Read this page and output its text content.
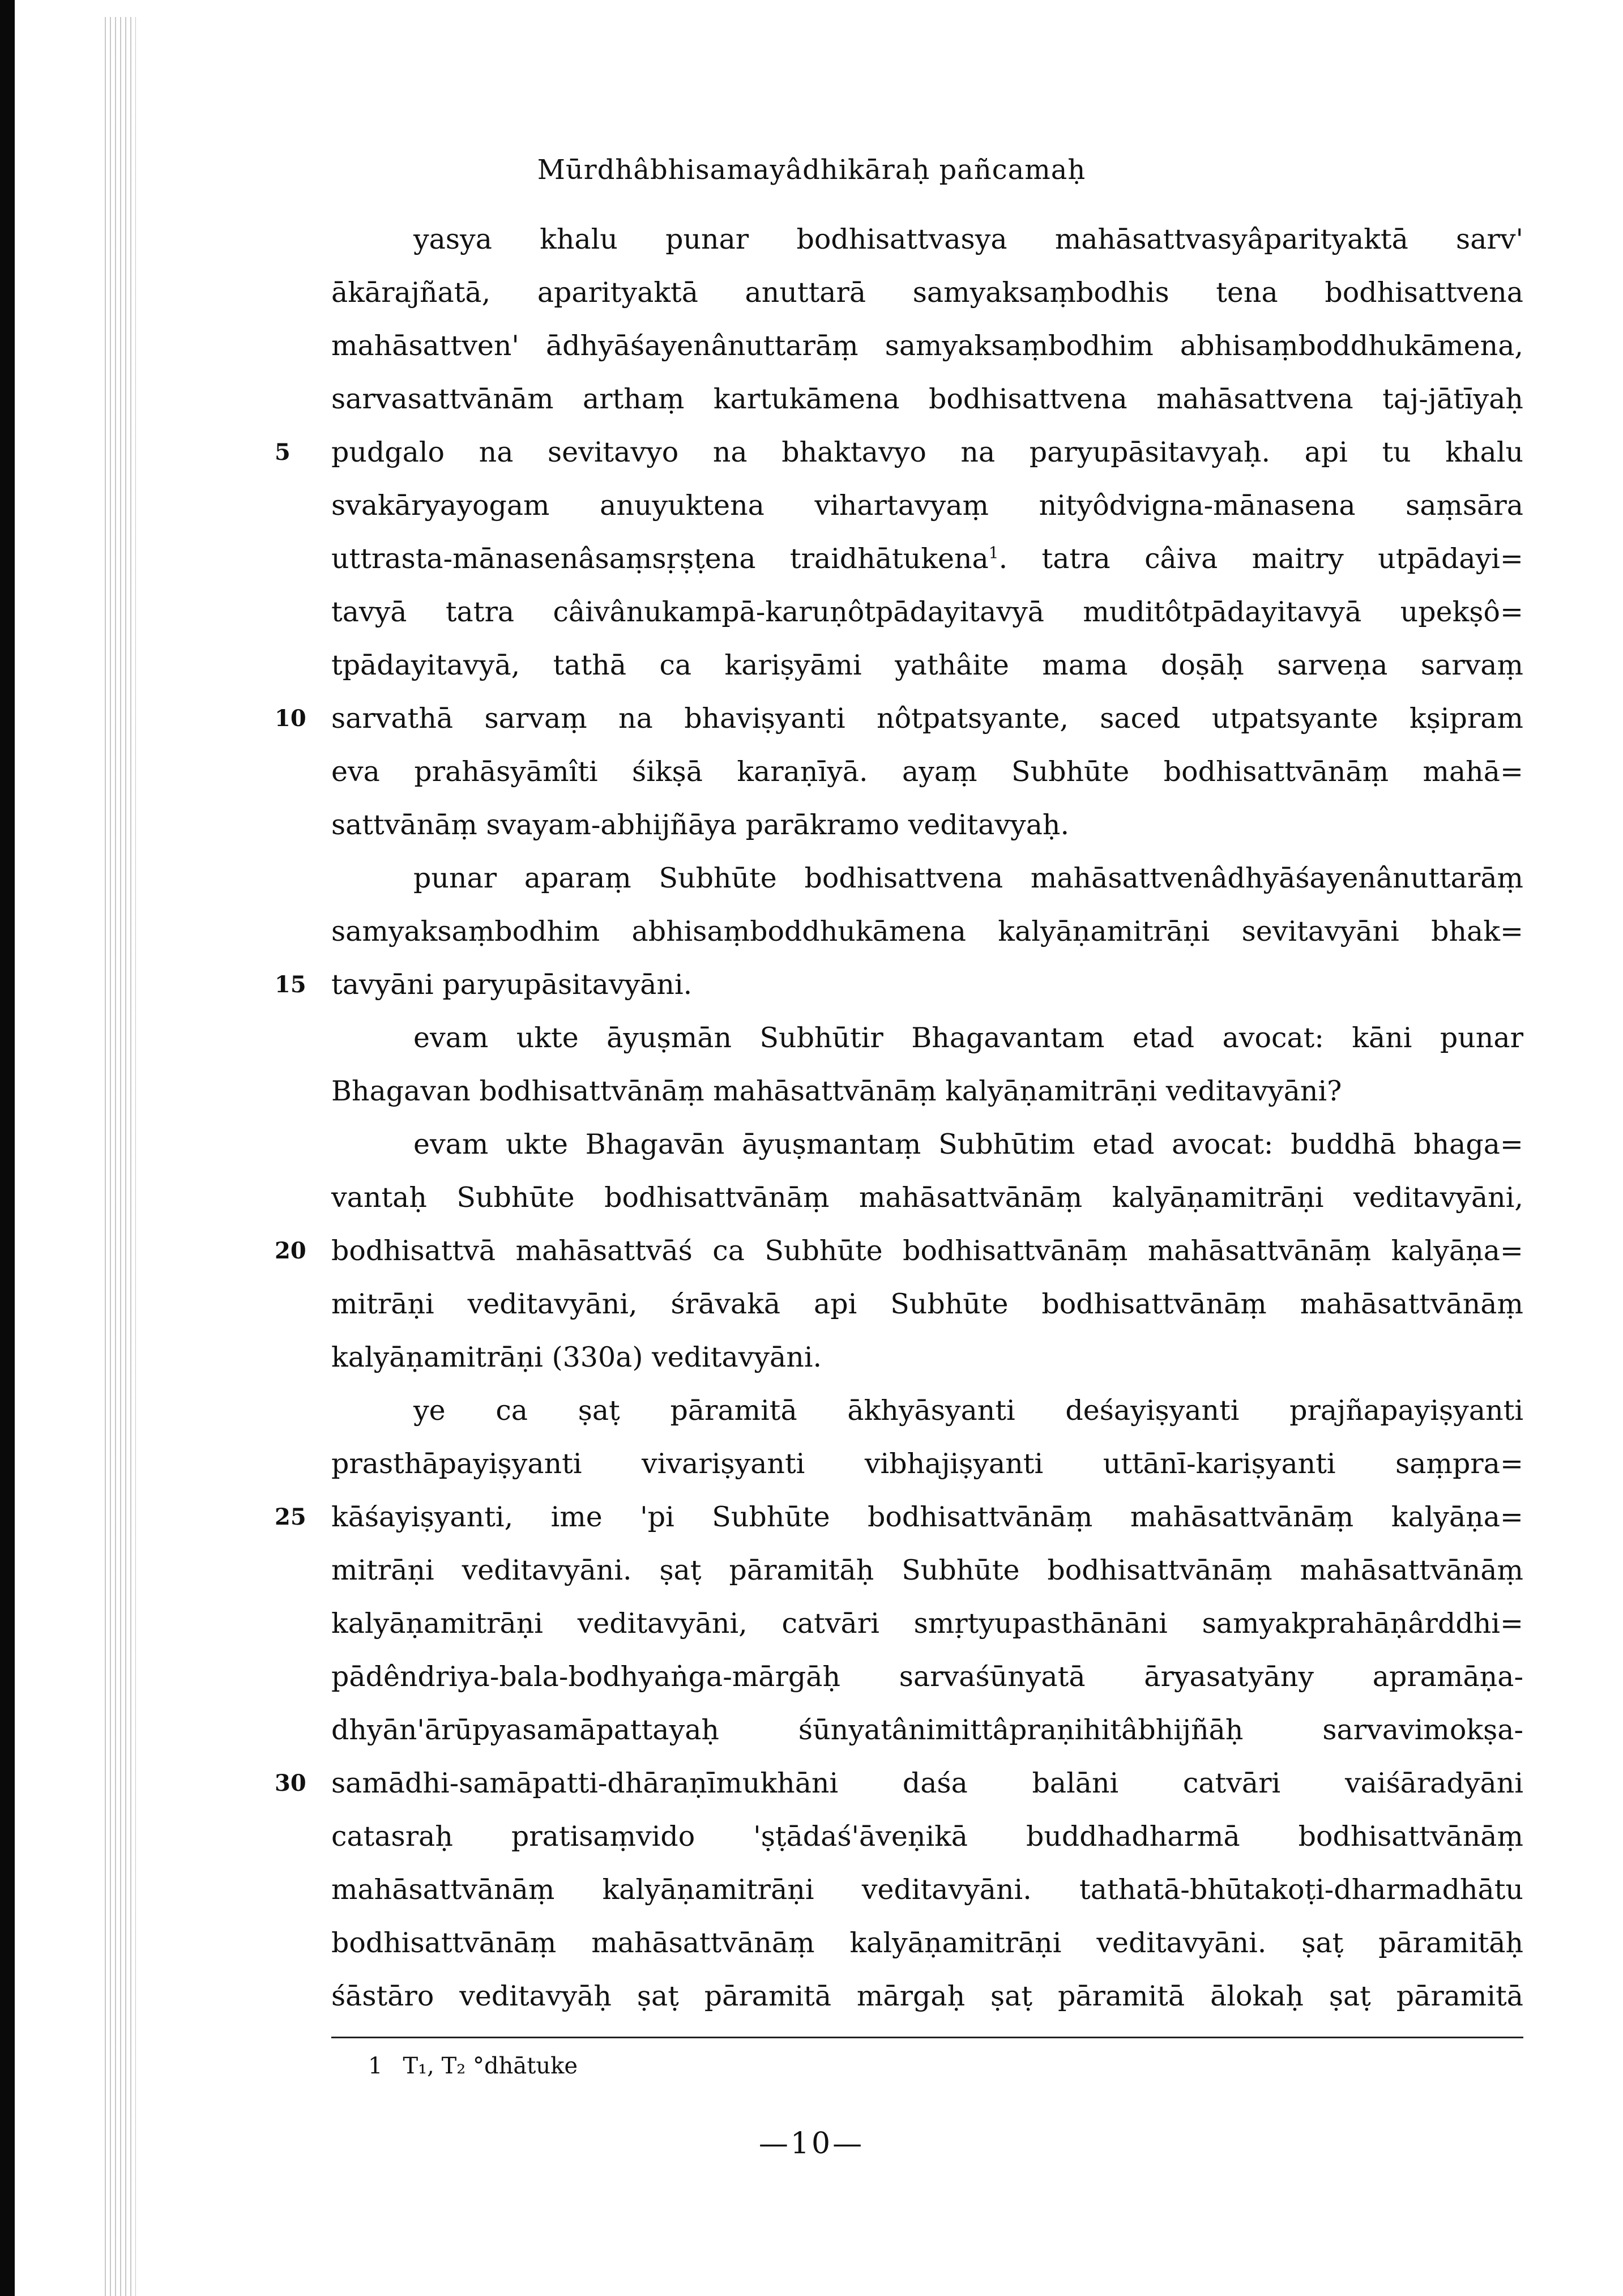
Mūrdhâbhisamayâdhikāraḥ pañcamaḥ
yasya khalu punar bodhisattvasya mahāsattvasyâparityaktā sarv'
ākārajñatā, aparityaktā anuttarā samyaksaṃbodhis tena bodhisattvena
mahāsattven' ādhyāśayenânuttarāṃ samyaksaṃbodhim abhisaṃboddhukāmena,
sarvasattvānām arthaṃ kartukāmena bodhisattvena mahāsattvena taj-jātīyaḥ
5	pudgalo na sevitavyo na bhaktavyo na paryupāsitavyaḥ. api tu khalu
svakāryayogam anuyuktena vihartavyaṃ nityôdvigna-mānasena saṃsāra
uttrasta-mānasenâsaṃsṛṣṭena traidhātukena$^1$. tatra câiva maitry utpādayi=
tavyā tatra câivânukampā-karuṇôtpādayitavyā muditôtpādayitavyā upekṣô=
tpādayitavyā, tathā ca kariṣyāmi yathâite mama doṣāḥ sarveṇa sarvaṃ
10 sarvathā sarvaṃ na bhaviṣyanti nôtpatsyante, saced utpatsyante kṣipram
eva prahāsyāmîti śikṣā karaṇīyā. ayaṃ Subhūte bodhisattvānāṃ mahā=
sattvānāṃ svayam-abhijñāya parākramo veditavyaḥ.
punar aparaṃ Subhūte bodhisattvena mahāsattvenâdhyāśayenânuttarāṃ
samyaksaṃbodhim abhisaṃboddhukāmena kalyāṇamitrāṇi sevitavyāni bhak=
15 tavyāni paryupāsitavyāni.
evam ukte āyuṣmān Subhūtir Bhagavantam etad avocat: kāni punar
Bhagavan bodhisattvānāṃ mahāsattvānāṃ kalyāṇamitrāṇi veditavyāni?
evam ukte Bhagavān āyuṣmantaṃ Subhūtim etad avocat: buddhā bhaga=
vantaḥ Subhūte bodhisattvānāṃ mahāsattvānāṃ kalyāṇamitrāṇi veditavyāni,
20 bodhisattvā mahāsattvāś ca Subhūte bodhisattvānāṃ mahāsattvānāṃ kalyāṇa=
mitrāṇi veditavyāni, śrāvakā api Subhūte bodhisattvānāṃ mahāsattvānāṃ
kalyāṇamitrāṇi (330a) veditavyāni.
ye ca ṣaṭ pāramitā ākhyāsyanti deśayiṣyanti prajñapayiṣyanti
prasthāpayiṣyanti vivariṣyanti vibhajiṣyanti uttānī-kariṣyanti saṃpra=
25 kāśayiṣyanti, ime 'pi Subhūte bodhisattvānāṃ mahāsattvānāṃ kalyāṇa=
mitrāṇi veditavyāni. ṣaṭ pāramitāḥ Subhūte bodhisattvānāṃ mahāsattvānāṃ
kalyāṇamitrāṇi veditavyāni, catvāri smṛtyupasthānāni samyakprahāṇârddhi=
pādêndriya-bala-bodhyaṅga-mārgāḥ sarvaśūnyatā āryasatyāny apramāṇa-
dhyān'ārūpyasamāpattayaḥ śūnyatânimittâpraṇihitâbhijñāḥ sarvavimokṣa-
30 samādhi-samāpatti-dhāraṇīmukhāni daśa balāni catvāri vaiśāradyāni
catasraḥ pratisaṃvido 'ṣṭādaś'āveṇikā buddhadharmā bodhisattvānāṃ
mahāsattvānāṃ kalyāṇamitrāṇi veditavyāni. tathatā-bhūtakoṭi-dharmadhātu
bodhisattvānāṃ mahāsattvānāṃ kalyāṇamitrāṇi veditavyāni. ṣaṭ pāramitāḥ
śāstāro veditavyāḥ ṣaṭ pāramitā mārgaḥ ṣaṭ pāramitā ālokaḥ ṣaṭ pāramitā
1 T₁, T₂ °dhātuke
—10—
